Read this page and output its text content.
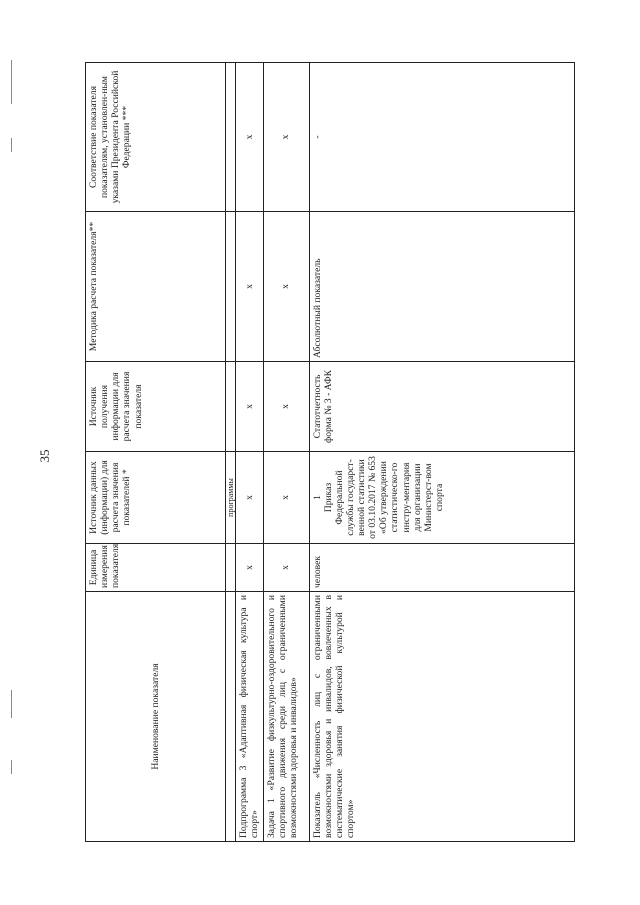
35
Наименование показателя	Единица измерения показателя	Источник данных (информации) для расчета значения показателей *	Источник получения информации для расчета значения показателя	Методика расчета показателя**	Соответствие показателя показателям, установлен-ным указами Президента Российской Федерации ***
		программы			
Подпрограмма 3 «Адаптивная физическая культура и спорт»	х	х	х	х	х
Задача 1 «Развитие физкультурно-оздоровительного и спортивного движения среди лиц с ограниченными возможностями здоровья и инвалидов»	х	х	х	х	х
Показатель «Численность лиц с ограниченными возможностями здоровья и инвалидов, вовлеченных в систематические занятия физической культурой и спортом»	человек	1 Приказ Федеральной службы государст-венной статистики от 03.10.2017 № 653 «Об утверждении статистическо-го инстру-ментария для организации Министерст-вом спорта	Статотчетность форма № 3 - АФК	Абсолютный показатель	-
